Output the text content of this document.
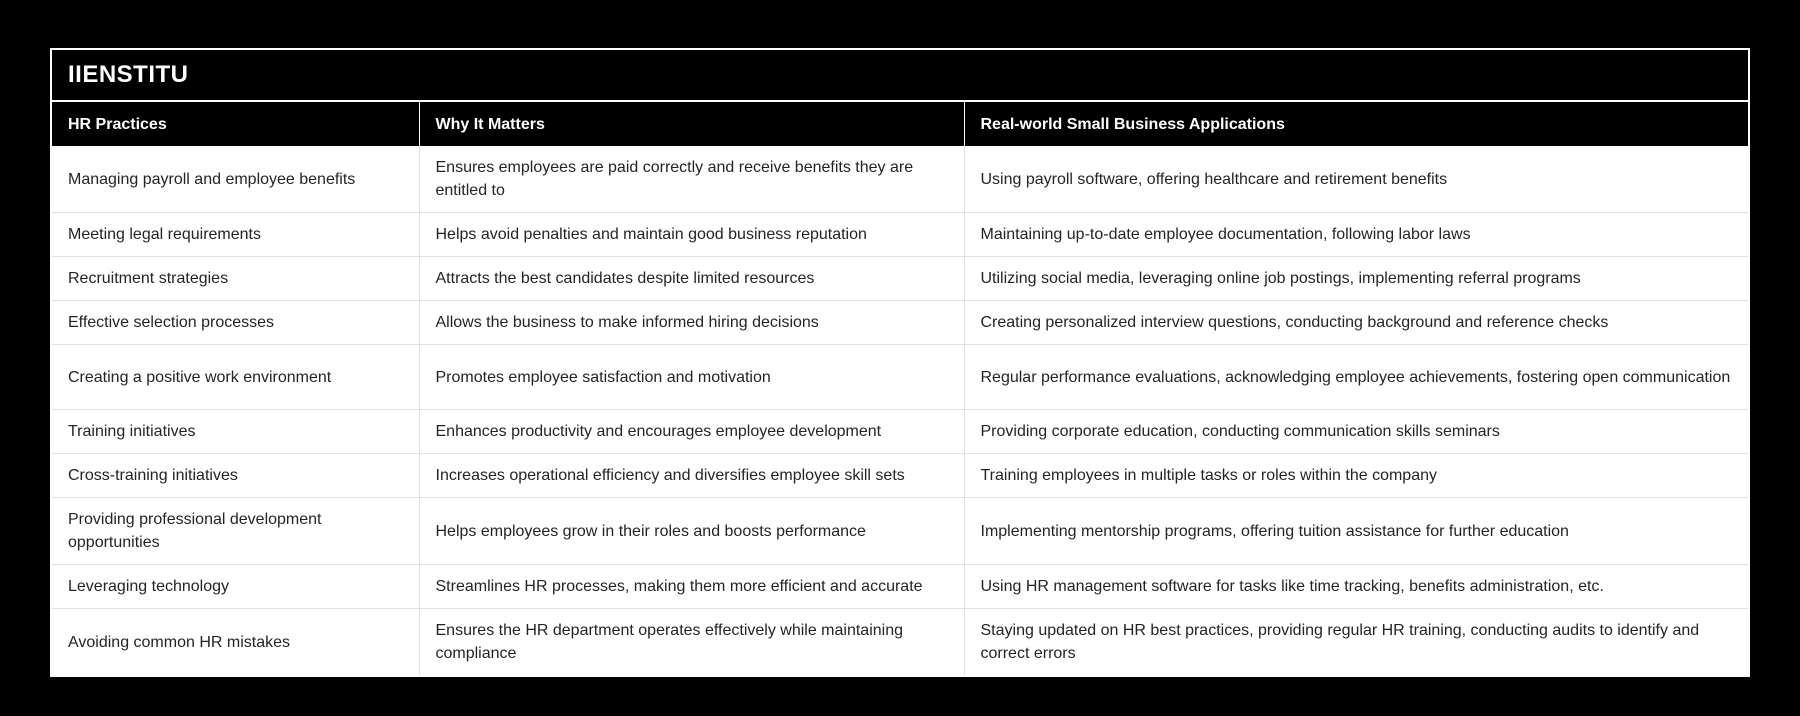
IIENSTITU
HR Practices	Why It Matters	Real-world Small Business Applications
Managing payroll and employee benefits	Ensures employees are paid correctly and receive benefits they are entitled to	Using payroll software, offering healthcare and retirement benefits
Meeting legal requirements	Helps avoid penalties and maintain good business reputation	Maintaining up-to-date employee documentation, following labor laws
Recruitment strategies	Attracts the best candidates despite limited resources	Utilizing social media, leveraging online job postings, implementing referral programs
Effective selection processes	Allows the business to make informed hiring decisions	Creating personalized interview questions, conducting background and reference checks
Creating a positive work environment	Promotes employee satisfaction and motivation	Regular performance evaluations, acknowledging employee achievements, fostering open communication
Training initiatives	Enhances productivity and encourages employee development	Providing corporate education, conducting communication skills seminars
Cross-training initiatives	Increases operational efficiency and diversifies employee skill sets	Training employees in multiple tasks or roles within the company
Providing professional development opportunities	Helps employees grow in their roles and boosts performance	Implementing mentorship programs, offering tuition assistance for further education
Leveraging technology	Streamlines HR processes, making them more efficient and accurate	Using HR management software for tasks like time tracking, benefits administration, etc.
Avoiding common HR mistakes	Ensures the HR department operates effectively while maintaining compliance	Staying updated on HR best practices, providing regular HR training, conducting audits to identify and correct errors
